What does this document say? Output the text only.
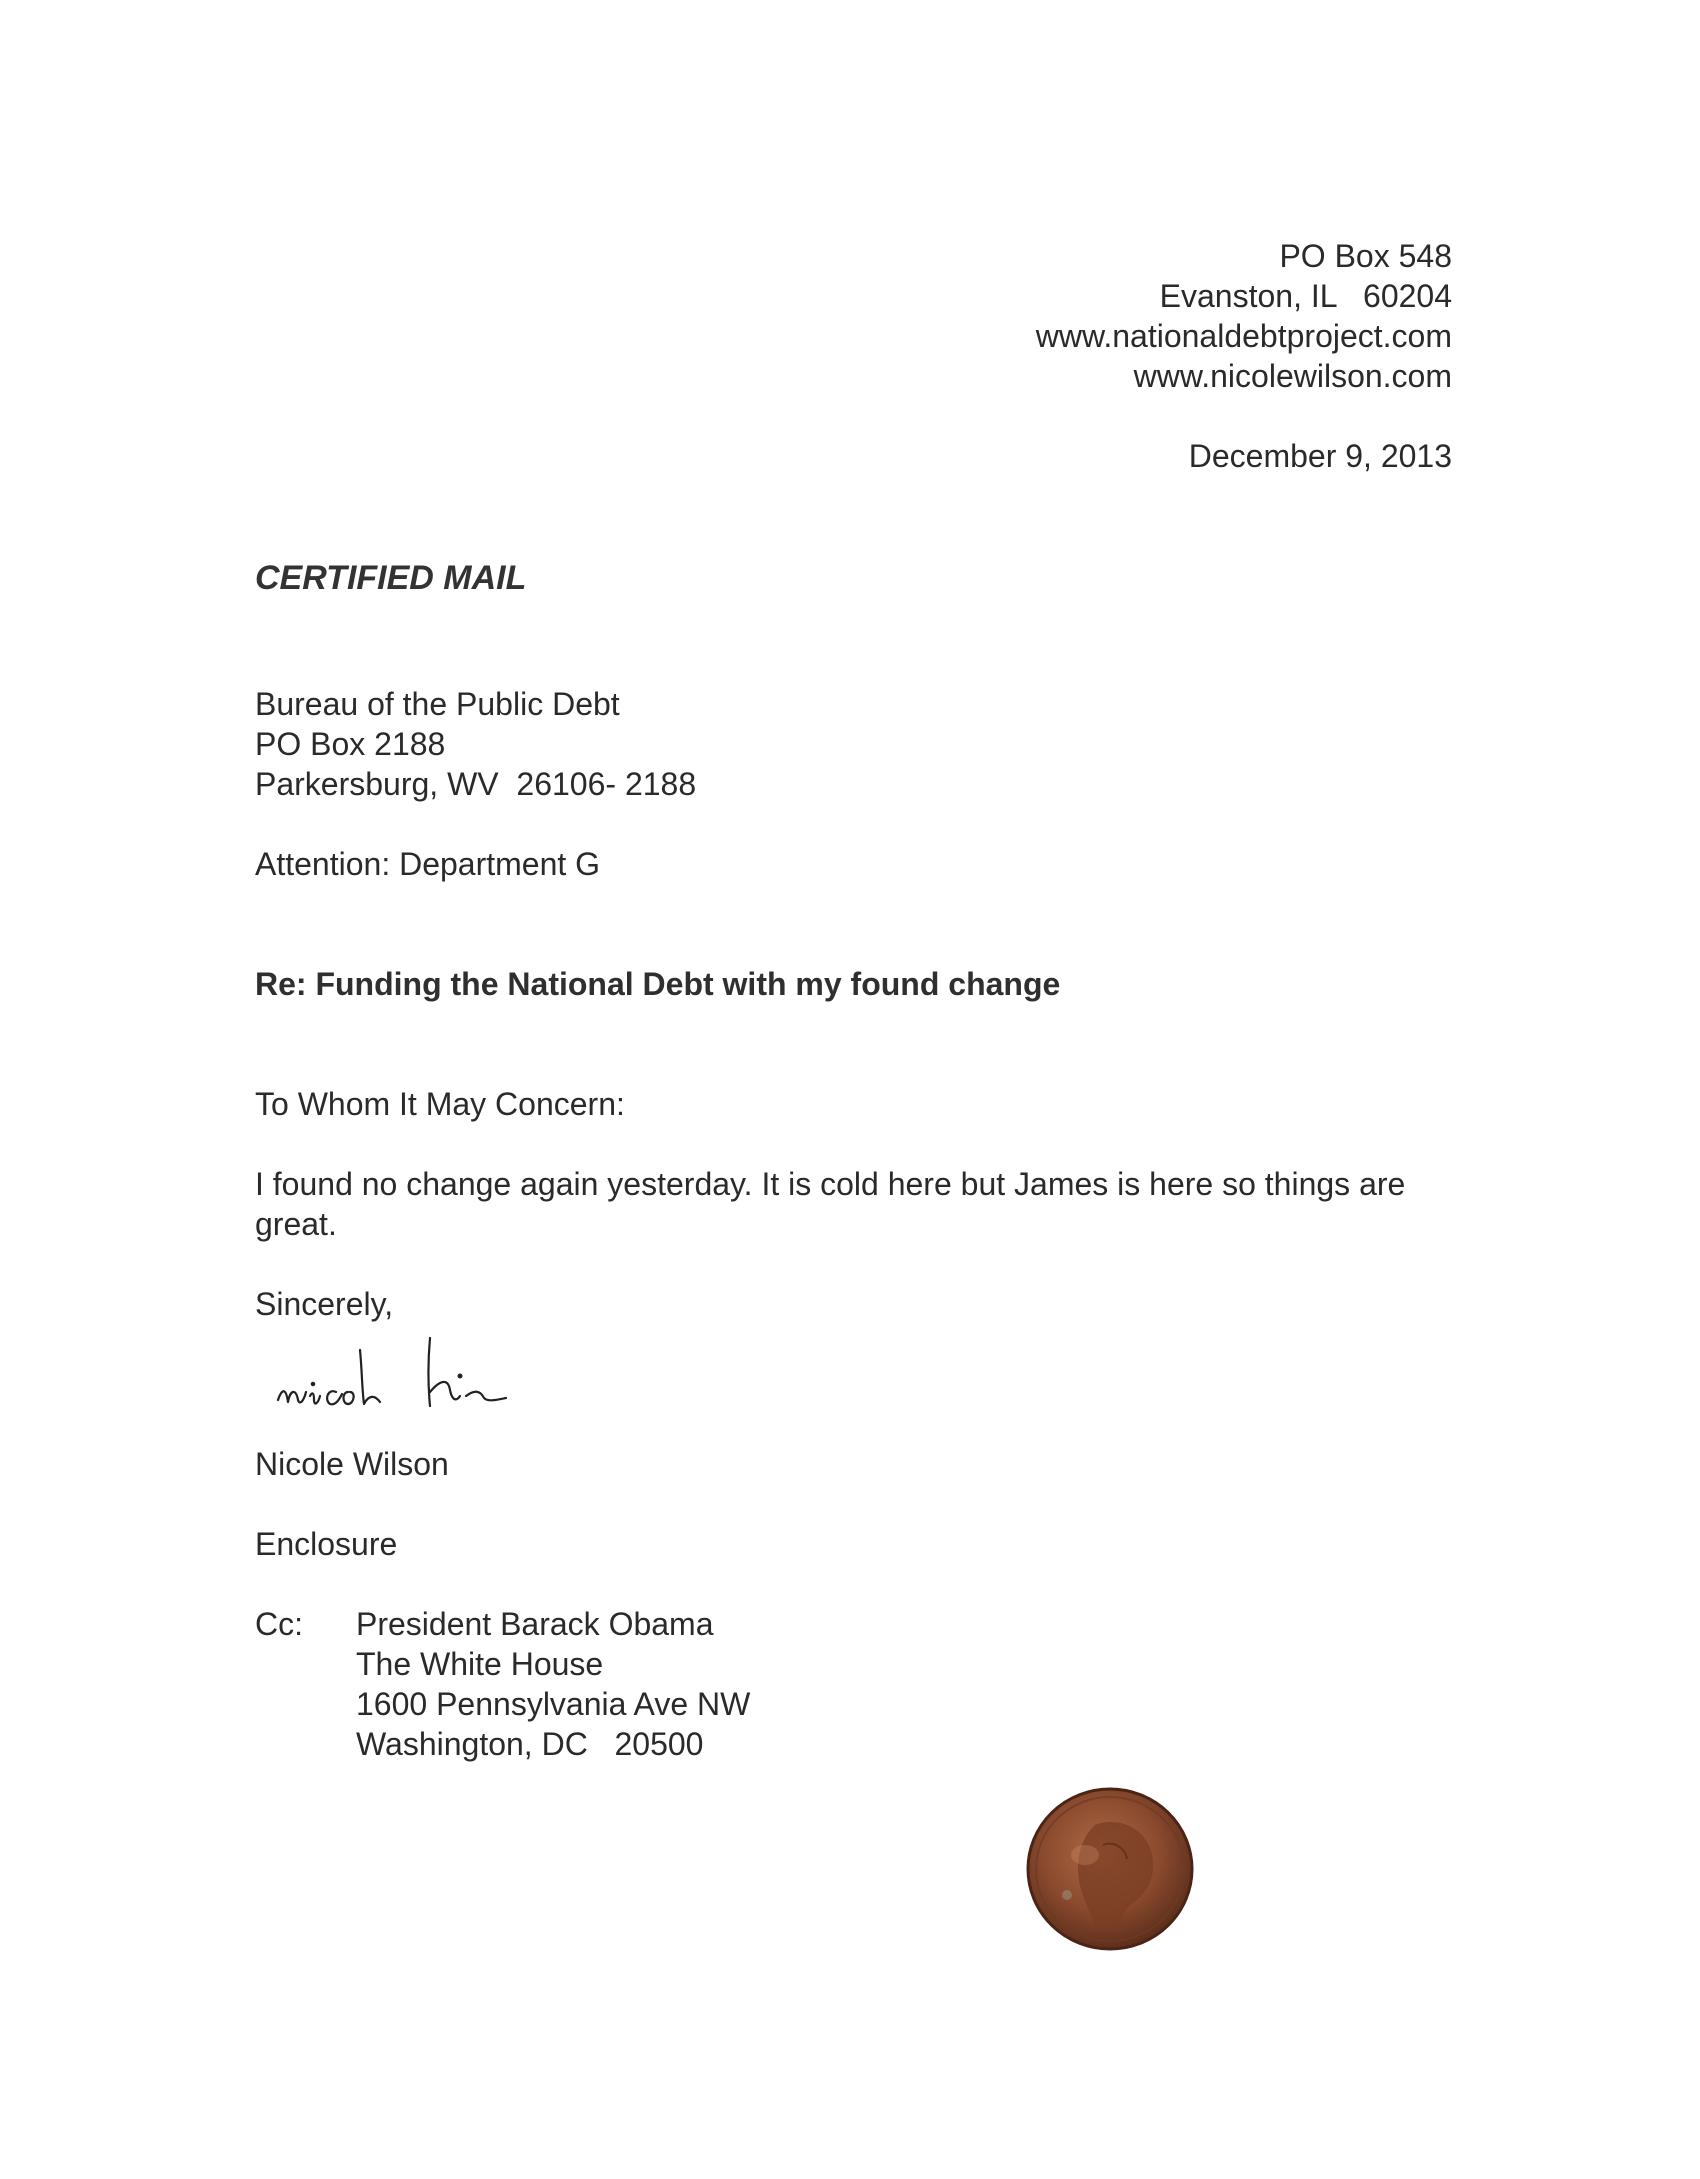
PO Box 548

Evanston, IL   60204

www.nationaldebtproject.com

www.nicolewilson.com

December 9, 2013

CERTIFIED MAIL

Bureau of the Public Debt

PO Box 2188

Parkersburg, WV  26106- 2188

Attention: Department G

Re: Funding the National Debt with my found change

To Whom It May Concern:

I found no change again yesterday. It is cold here but James is here so things are

great.

Sincerely,

Nicole Wilson

Enclosure

Cc: President Barack Obama

The White House

1600 Pennsylvania Ave NW

Washington, DC   20500
